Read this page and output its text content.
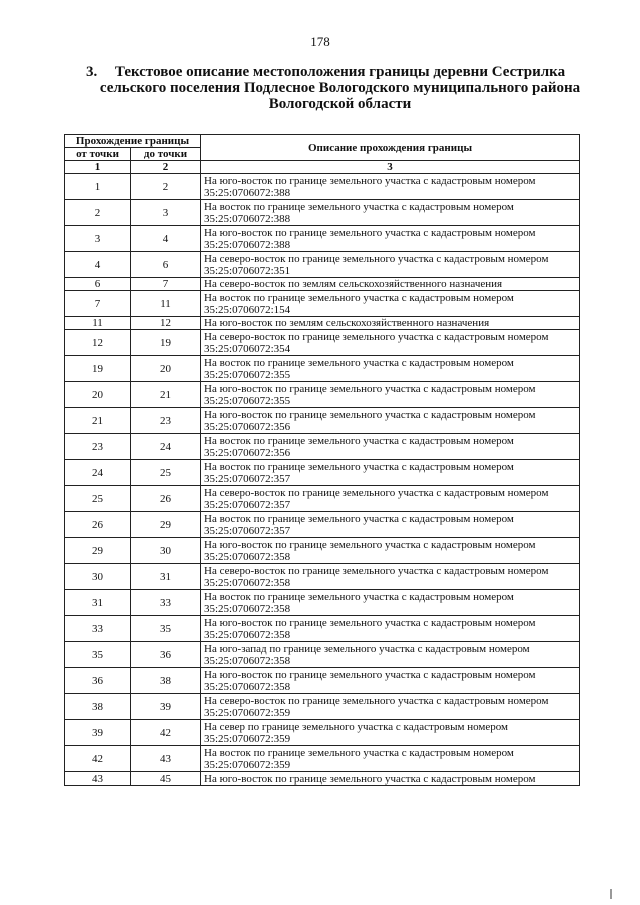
178
3.	Текстовое описание местоположения границы деревни Сестрилка
сельского поселения Подлесное Вологодского муниципального района
Вологодской области
Прохождение границы		Описание прохождения границы
от точки	до точки	
1	2	3
1	2	На юго-восток по границе земельного участка с кадастровым номером 35:25:0706072:388
2	3	На восток по границе земельного участка с кадастровым номером 35:25:0706072:388
3	4	На юго-восток по границе земельного участка с кадастровым номером 35:25:0706072:388
4	6	На северо-восток по границе земельного участка с кадастровым номером 35:25:0706072:351
6	7	На северо-восток по землям сельскохозяйственного назначения
7	11	На восток по границе земельного участка с кадастровым номером 35:25:0706072:154
11	12	На юго-восток по землям сельскохозяйственного назначения
12	19	На северо-восток по границе земельного участка с кадастровым номером 35:25:0706072:354
19	20	На восток по границе земельного участка с кадастровым номером 35:25:0706072:355
20	21	На юго-восток по границе земельного участка с кадастровым номером 35:25:0706072:355
21	23	На юго-восток по границе земельного участка с кадастровым номером 35:25:0706072:356
23	24	На восток по границе земельного участка с кадастровым номером 35:25:0706072:356
24	25	На восток по границе земельного участка с кадастровым номером 35:25:0706072:357
25	26	На северо-восток по границе земельного участка с кадастровым номером 35:25:0706072:357
26	29	На восток по границе земельного участка с кадастровым номером 35:25:0706072:357
29	30	На юго-восток по границе земельного участка с кадастровым номером 35:25:0706072:358
30	31	На северо-восток по границе земельного участка с кадастровым номером 35:25:0706072:358
31	33	На восток по границе земельного участка с кадастровым номером 35:25:0706072:358
33	35	На юго-восток по границе земельного участка с кадастровым номером 35:25:0706072:358
35	36	На юго-запад по границе земельного участка с кадастровым номером 35:25:0706072:358
36	38	На юго-восток по границе земельного участка с кадастровым номером 35:25:0706072:358
38	39	На северо-восток по границе земельного участка с кадастровым номером 35:25:0706072:359
39	42	На север по границе земельного участка с кадастровым номером 35:25:0706072:359
42	43	На восток по границе земельного участка с кадастровым номером 35:25:0706072:359
43	45	На юго-восток по границе земельного участка с кадастровым номером
